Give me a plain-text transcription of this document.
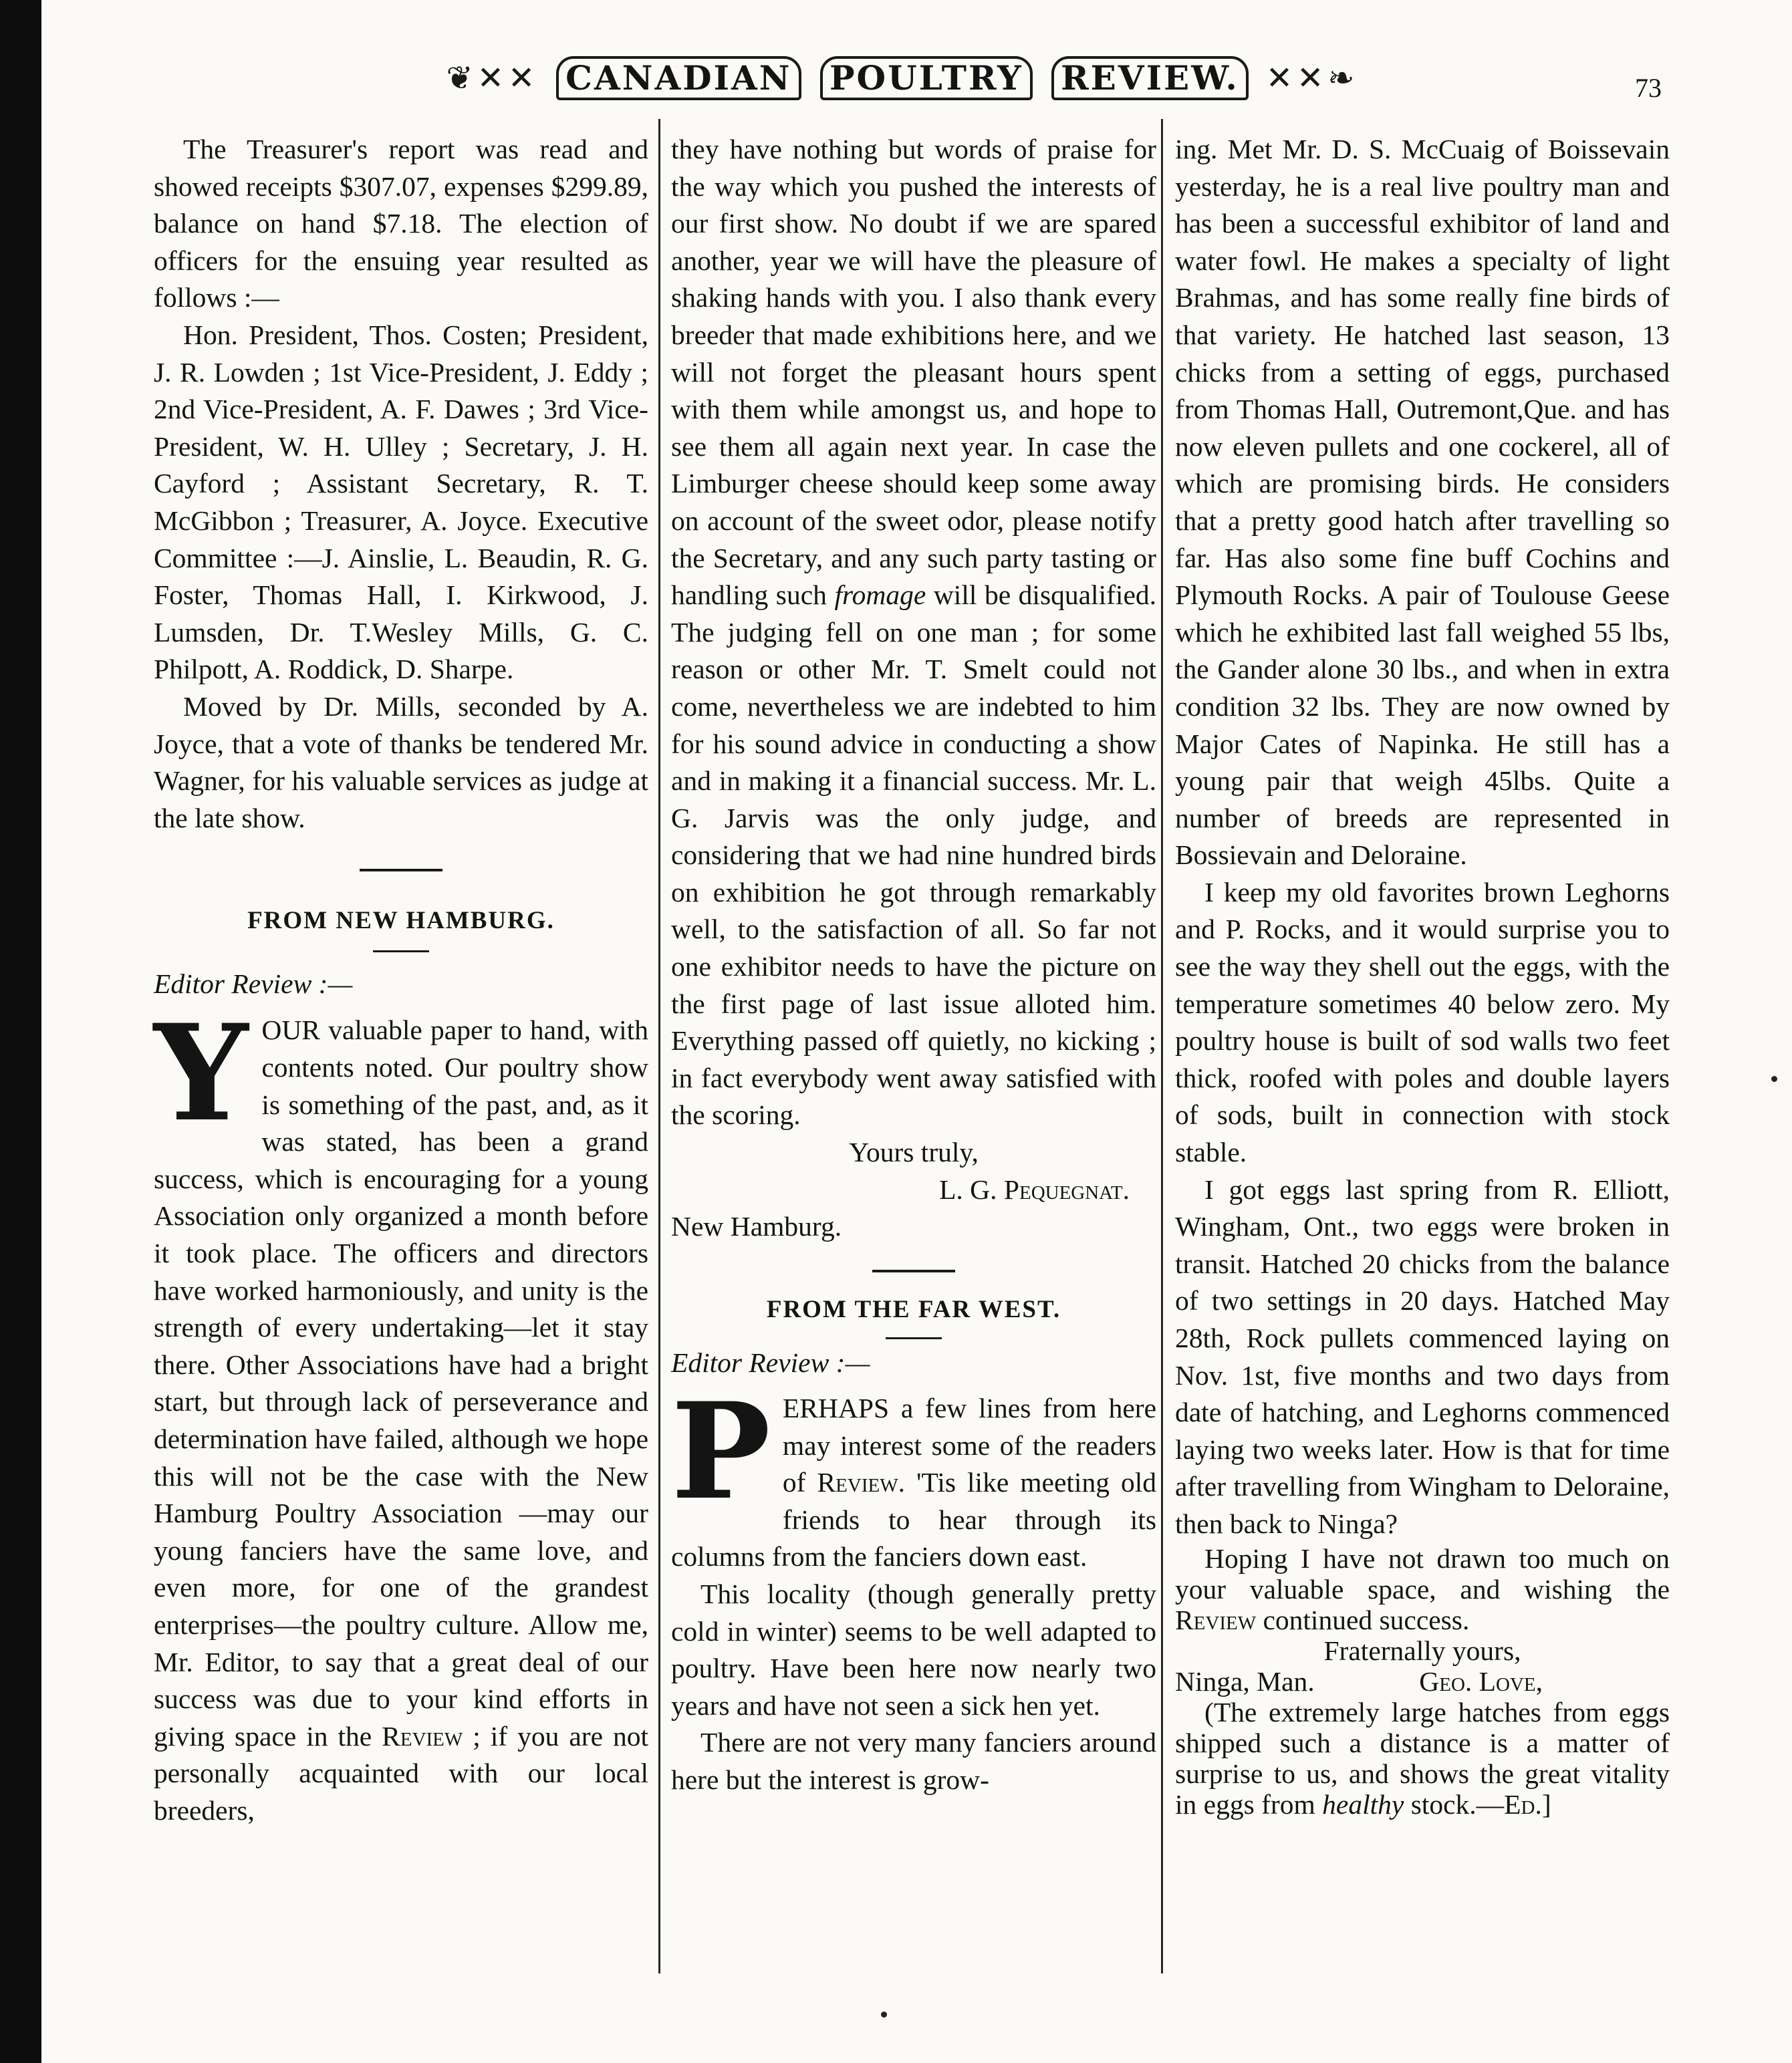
❦✕✕ CANADIAN POULTRY REVIEW. ✕✕❧	73

The Treasurer's report was read and showed receipts $307.07, expenses $299.89, balance on hand $7.18. The election of officers for the ensuing year resulted as follows :—

Hon. President, Thos. Costen; President, J. R. Lowden ; 1st Vice-President, J. Eddy ; 2nd Vice-President, A. F. Dawes ; 3rd Vice-President, W. H. Ulley ; Secretary, J. H. Cayford ; Assistant Secretary, R. T. McGibbon ; Treasurer, A. Joyce. Executive Committee :—J. Ainslie, L. Beaudin, R. G. Foster, Thomas Hall, I. Kirkwood, J. Lumsden, Dr. T.Wesley Mills, G. C. Philpott, A. Roddick, D. Sharpe.

Moved by Dr. Mills, seconded by A. Joyce, that a vote of thanks be tendered Mr. Wagner, for his valuable services as judge at the late show.

FROM NEW HAMBURG.

Editor Review :—

YOUR valuable paper to hand, with contents noted. Our poultry show is something of the past, and, as it was stated, has been a grand success, which is encouraging for a young Association only organized a month before it took place. The officers and directors have worked harmoniously, and unity is the strength of every undertaking—let it stay there. Other Associations have had a bright start, but through lack of perseverance and determination have failed, although we hope this will not be the case with the New Hamburg Poultry Association —may our young fanciers have the same love, and even more, for one of the grandest enterprises—the poultry culture. Allow me, Mr. Editor, to say that a great deal of our success was due to your kind efforts in giving space in the Review ; if you are not personally acquainted with our local breeders,

they have nothing but words of praise for the way which you pushed the interests of our first show. No doubt if we are spared another, year we will have the pleasure of shaking hands with you. I also thank every breeder that made exhibitions here, and we will not forget the pleasant hours spent with them while amongst us, and hope to see them all again next year. In case the Limburger cheese should keep some away on account of the sweet odor, please notify the Secretary, and any such party tasting or handling such fromage will be disqualified. The judging fell on one man ; for some reason or other Mr. T. Smelt could not come, nevertheless we are indebted to him for his sound advice in conducting a show and in making it a financial success. Mr. L. G. Jarvis was the only judge, and considering that we had nine hundred birds on exhibition he got through remarkably well, to the satisfaction of all. So far not one exhibitor needs to have the picture on the first page of last issue alloted him. Everything passed off quietly, no kicking ; in fact everybody went away satisfied with the scoring.

Yours truly,

L. G. Pequegnat.

New Hamburg.

FROM THE FAR WEST.

Editor Review :—

PERHAPS a few lines from here may interest some of the readers of Review. 'Tis like meeting old friends to hear through its columns from the fanciers down east.

This locality (though generally pretty cold in winter) seems to be well adapted to poultry. Have been here now nearly two years and have not seen a sick hen yet.

There are not very many fanciers around here but the interest is grow-

ing. Met Mr. D. S. McCuaig of Boissevain yesterday, he is a real live poultry man and has been a successful exhibitor of land and water fowl. He makes a specialty of light Brahmas, and has some really fine birds of that variety. He hatched last season, 13 chicks from a setting of eggs, purchased from Thomas Hall, Outremont,Que. and has now eleven pullets and one cockerel, all of which are promising birds. He considers that a pretty good hatch after travelling so far. Has also some fine buff Cochins and Plymouth Rocks. A pair of Toulouse Geese which he exhibited last fall weighed 55 lbs, the Gander alone 30 lbs., and when in extra condition 32 lbs. They are now owned by Major Cates of Napinka. He still has a young pair that weigh 45lbs. Quite a number of breeds are represented in Bossievain and Deloraine.

I keep my old favorites brown Leghorns and P. Rocks, and it would surprise you to see the way they shell out the eggs, with the temperature sometimes 40 below zero. My poultry house is built of sod walls two feet thick, roofed with poles and double layers of sods, built in connection with stock stable.

I got eggs last spring from R. Elliott, Wingham, Ont., two eggs were broken in transit. Hatched 20 chicks from the balance of two settings in 20 days. Hatched May 28th, Rock pullets commenced laying on Nov. 1st, five months and two days from date of hatching, and Leghorns commenced laying two weeks later. How is that for time after travelling from Wingham to Deloraine, then back to Ninga?

Hoping I have not drawn too much on your valuable space, and wishing the Review continued success.

Fraternally yours,

Ninga, Man.	Geo. Love,

(The extremely large hatches from eggs shipped such a distance is a matter of surprise to us, and shows the great vitality in eggs from healthy stock.—Ed.]
